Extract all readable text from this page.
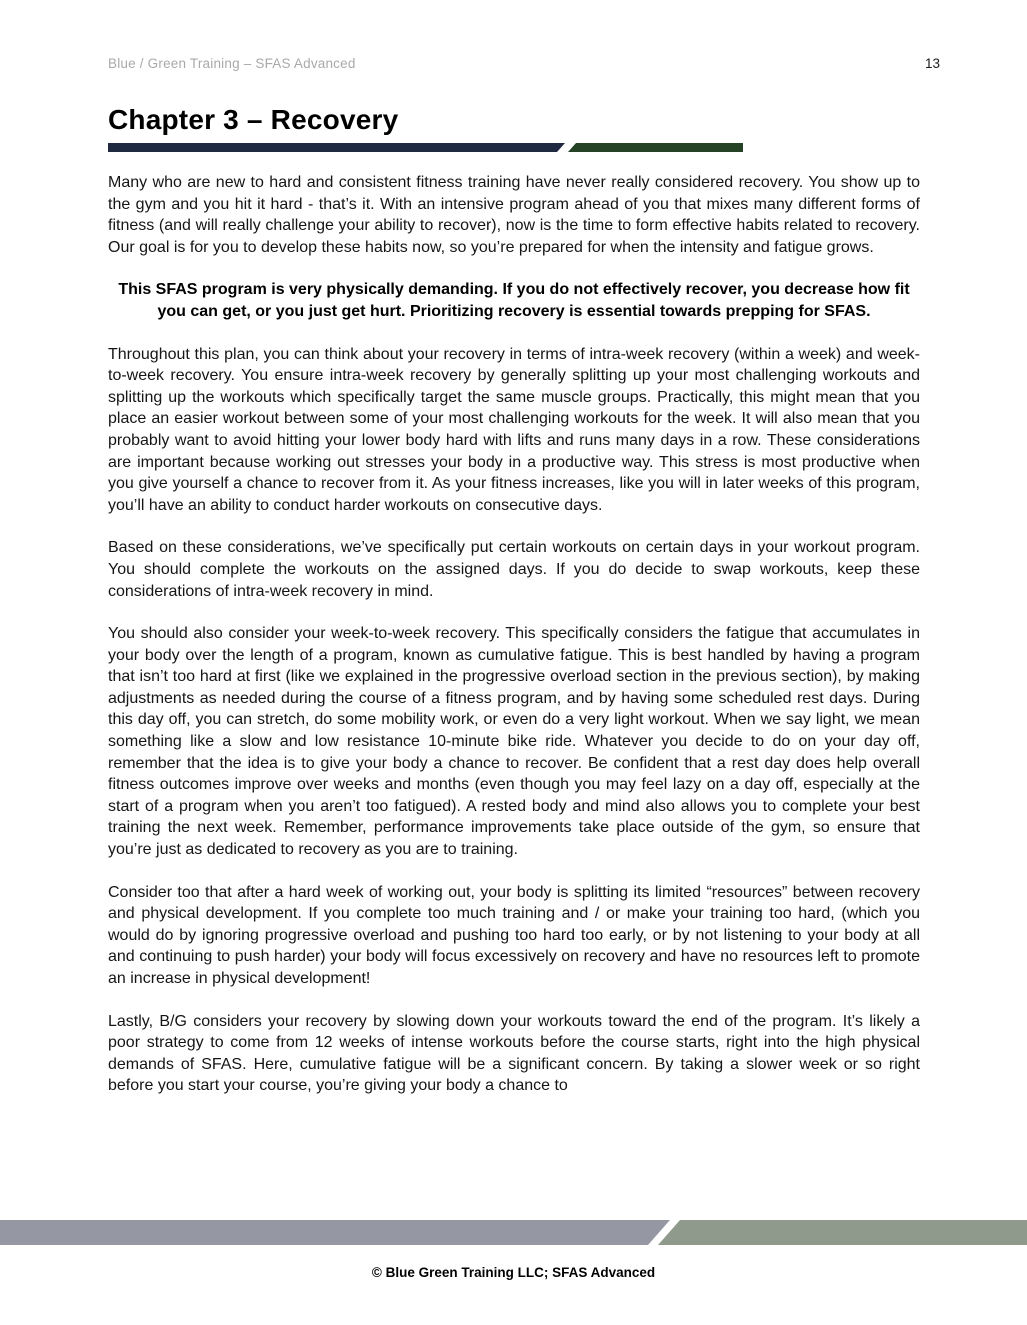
Blue / Green Training – SFAS Advanced	13
Chapter 3 – Recovery

Many who are new to hard and consistent fitness training have never really considered recovery. You show up to the gym and you hit it hard - that’s it. With an intensive program ahead of you that mixes many different forms of fitness (and will really challenge your ability to recover), now is the time to form effective habits related to recovery. Our goal is for you to develop these habits now, so you’re prepared for when the intensity and fatigue grows.

This SFAS program is very physically demanding. If you do not effectively recover, you decrease how fit you can get, or you just get hurt. Prioritizing recovery is essential towards prepping for SFAS.

Throughout this plan, you can think about your recovery in terms of intra-week recovery (within a week) and week-to-week recovery. You ensure intra-week recovery by generally splitting up your most challenging workouts and splitting up the workouts which specifically target the same muscle groups. Practically, this might mean that you place an easier workout between some of your most challenging workouts for the week. It will also mean that you probably want to avoid hitting your lower body hard with lifts and runs many days in a row. These considerations are important because working out stresses your body in a productive way. This stress is most productive when you give yourself a chance to recover from it. As your fitness increases, like you will in later weeks of this program, you’ll have an ability to conduct harder workouts on consecutive days.

Based on these considerations, we’ve specifically put certain workouts on certain days in your workout program. You should complete the workouts on the assigned days. If you do decide to swap workouts, keep these considerations of intra-week recovery in mind.

You should also consider your week-to-week recovery. This specifically considers the fatigue that accumulates in your body over the length of a program, known as cumulative fatigue. This is best handled by having a program that isn’t too hard at first (like we explained in the progressive overload section in the previous section), by making adjustments as needed during the course of a fitness program, and by having some scheduled rest days. During this day off, you can stretch, do some mobility work, or even do a very light workout. When we say light, we mean something like a slow and low resistance 10-minute bike ride. Whatever you decide to do on your day off, remember that the idea is to give your body a chance to recover. Be confident that a rest day does help overall fitness outcomes improve over weeks and months (even though you may feel lazy on a day off, especially at the start of a program when you aren’t too fatigued). A rested body and mind also allows you to complete your best training the next week. Remember, performance improvements take place outside of the gym, so ensure that you’re just as dedicated to recovery as you are to training.

Consider too that after a hard week of working out, your body is splitting its limited “resources” between recovery and physical development. If you complete too much training and / or make your training too hard, (which you would do by ignoring progressive overload and pushing too hard too early, or by not listening to your body at all and continuing to push harder) your body will focus excessively on recovery and have no resources left to promote an increase in physical development!

Lastly, B/G considers your recovery by slowing down your workouts toward the end of the program. It’s likely a poor strategy to come from 12 weeks of intense workouts before the course starts, right into the high physical demands of SFAS. Here, cumulative fatigue will be a significant concern. By taking a slower week or so right before you start your course, you’re giving your body a chance to

© Blue Green Training LLC; SFAS Advanced
